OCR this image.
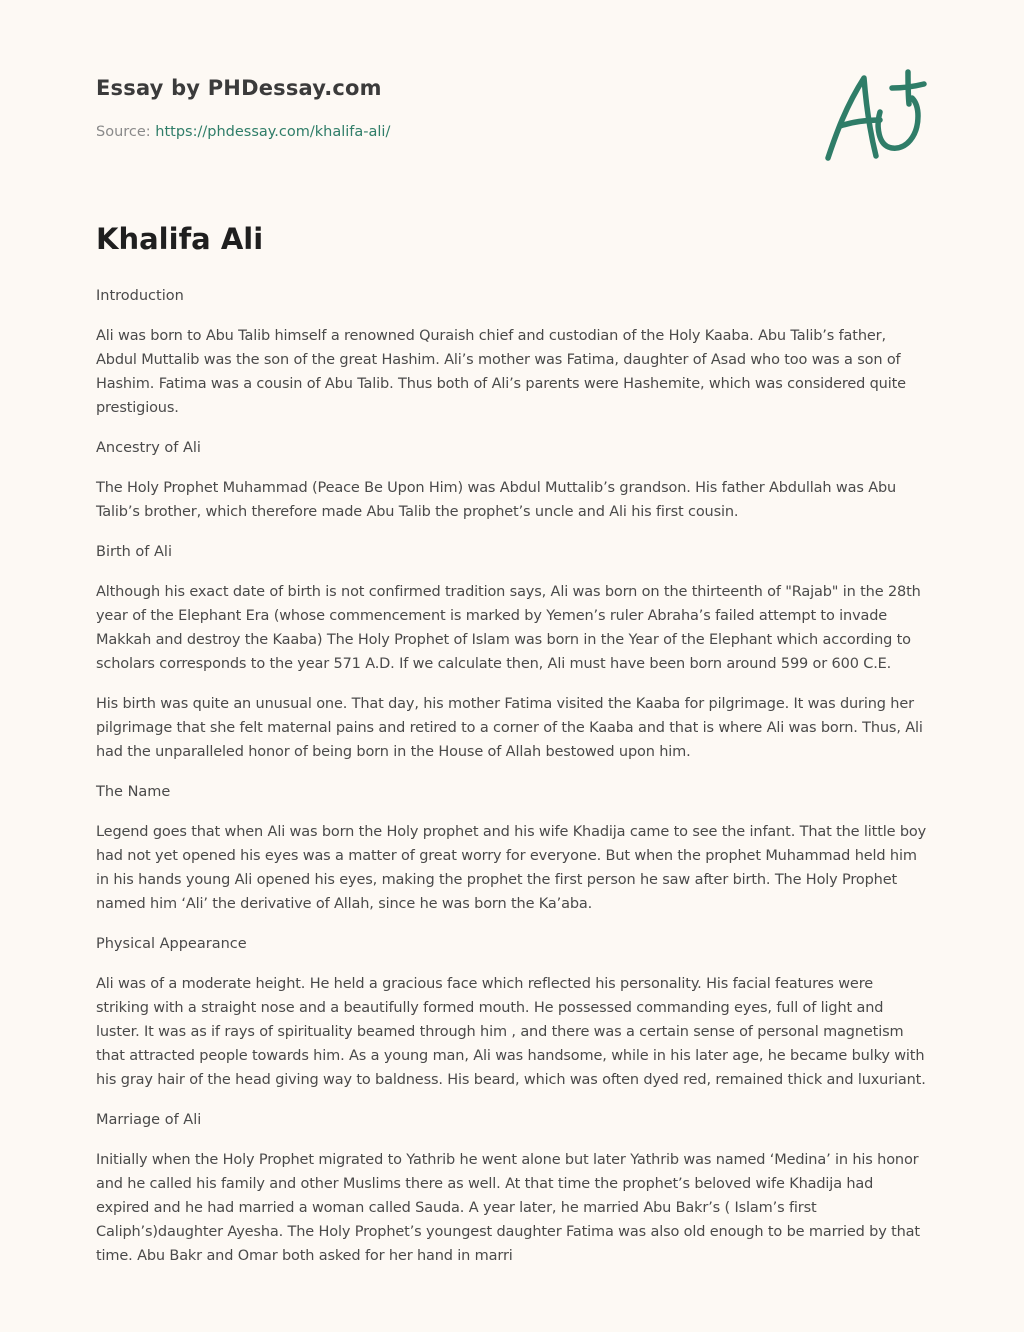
Essay by PHDessay.com
Source: https://phdessay.com/khalifa-ali/
Khalifa Ali

Introduction

Ali was born to Abu Talib himself a renowned Quraish chief and custodian of the Holy Kaaba. Abu Talib’s father, Abdul Muttalib was the son of the great Hashim. Ali’s mother was Fatima, daughter of Asad who too was a son of Hashim. Fatima was a cousin of Abu Talib. Thus both of Ali’s parents were Hashemite, which was considered quite prestigious.

Ancestry of Ali

The Holy Prophet Muhammad (Peace Be Upon Him) was Abdul Muttalib’s grandson. His father Abdullah was Abu Talib’s brother, which therefore made Abu Talib the prophet’s uncle and Ali his first cousin.

Birth of Ali

Although his exact date of birth is not confirmed tradition says, Ali was born on the thirteenth of "Rajab" in the 28th year of the Elephant Era (whose commencement is marked by Yemen’s ruler Abraha’s failed attempt to invade Makkah and destroy the Kaaba) The Holy Prophet of Islam was born in the Year of the Elephant which according to scholars corresponds to the year 571 A.D. If we calculate then, Ali must have been born around 599 or 600 C.E.

His birth was quite an unusual one. That day, his mother Fatima visited the Kaaba for pilgrimage. It was during her pilgrimage that she felt maternal pains and retired to a corner of the Kaaba and that is where Ali was born. Thus, Ali had the unparalleled honor of being born in the House of Allah bestowed upon him.

The Name

Legend goes that when Ali was born the Holy prophet and his wife Khadija came to see the infant. That the little boy had not yet opened his eyes was a matter of great worry for everyone. But when the prophet Muhammad held him in his hands young Ali opened his eyes, making the prophet the first person he saw after birth. The Holy Prophet named him ‘Ali’ the derivative of Allah, since he was born the Ka’aba.

Physical Appearance

Ali was of a moderate height. He held a gracious face which reflected his personality. His facial features were striking with a straight nose and a beautifully formed mouth. He possessed commanding eyes, full of light and luster. It was as if rays of spirituality beamed through him , and there was a certain sense of personal magnetism that attracted people towards him. As a young man, Ali was handsome, while in his later age, he became bulky with his gray hair of the head giving way to baldness. His beard, which was often dyed red, remained thick and luxuriant.

Marriage of Ali

Initially when the Holy Prophet migrated to Yathrib he went alone but later Yathrib was named ‘Medina’ in his honor and he called his family and other Muslims there as well. At that time the prophet’s beloved wife Khadija had expired and he had married a woman called Sauda. A year later, he married Abu Bakr’s ( Islam’s first Caliph’s)daughter Ayesha. The Holy Prophet’s youngest daughter Fatima was also old enough to be married by that time. Abu Bakr and Omar both asked for her hand in marri
